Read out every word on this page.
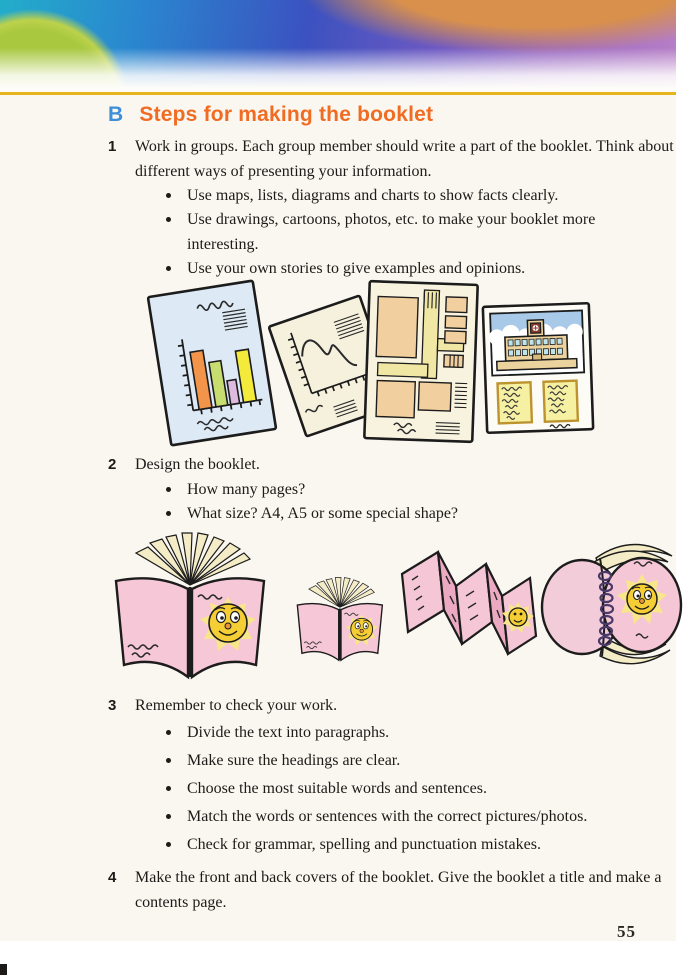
B Steps for making the booklet
1 Work in groups. Each group member should write a part of the booklet. Think about different ways of presenting your information.
Use maps, lists, diagrams and charts to show facts clearly.
Use drawings, cartoons, photos, etc. to make your booklet more interesting.
Use your own stories to give examples and opinions.
2 Design the booklet.
How many pages?
What size? A4, A5 or some special shape?
3 Remember to check your work.
Divide the text into paragraphs.
Make sure the headings are clear.
Choose the most suitable words and sentences.
Match the words or sentences with the correct pictures/photos.
Check for grammar, spelling and punctuation mistakes.
4 Make the front and back covers of the booklet. Give the booklet a title and make a contents page.
55
